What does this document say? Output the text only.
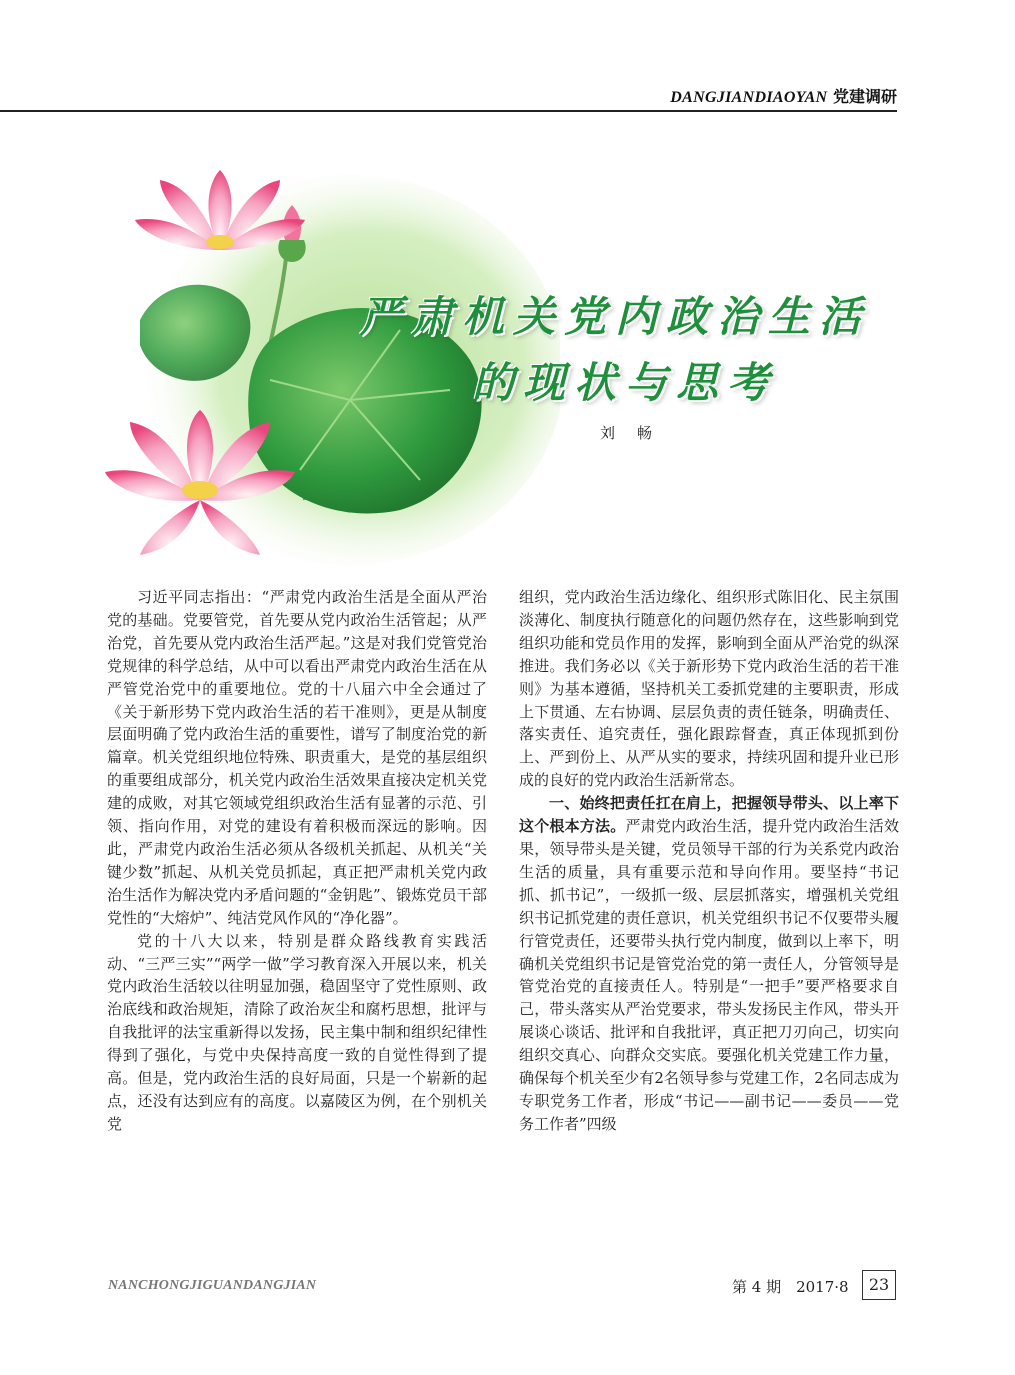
DANGJIANDIAOYAN 党建调研
严肃机关党内政治生活
的现状与思考
刘畅

习近平同志指出：“严肃党内政治生活是全面从严治党的基础。党要管党，首先要从党内政治生活管起；从严治党，首先要从党内政治生活严起。”这是对我们党管党治党规律的科学总结，从中可以看出严肃党内政治生活在从严管党治党中的重要地位。党的十八届六中全会通过了《关于新形势下党内政治生活的若干准则》，更是从制度层面明确了党内政治生活的重要性，谱写了制度治党的新篇章。机关党组织地位特殊、职责重大，是党的基层组织的重要组成部分，机关党内政治生活效果直接决定机关党建的成败，对其它领域党组织政治生活有显著的示范、引领、指向作用，对党的建设有着积极而深远的影响。因此，严肃党内政治生活必须从各级机关抓起、从机关“关键少数”抓起、从机关党员抓起，真正把严肃机关党内政治生活作为解决党内矛盾问题的“金钥匙”、锻炼党员干部党性的“大熔炉”、纯洁党风作风的“净化器”。

党的十八大以来，特别是群众路线教育实践活动、“三严三实”“两学一做”学习教育深入开展以来，机关党内政治生活较以往明显加强，稳固坚守了党性原则、政治底线和政治规矩，清除了政治灰尘和腐朽思想，批评与自我批评的法宝重新得以发扬，民主集中制和组织纪律性得到了强化，与党中央保持高度一致的自觉性得到了提高。但是，党内政治生活的良好局面，只是一个崭新的起点，还没有达到应有的高度。以嘉陵区为例，在个别机关党

组织，党内政治生活边缘化、组织形式陈旧化、民主氛围淡薄化、制度执行随意化的问题仍然存在，这些影响到党组织功能和党员作用的发挥，影响到全面从严治党的纵深推进。我们务必以《关于新形势下党内政治生活的若干准则》为基本遵循，坚持机关工委抓党建的主要职责，形成上下贯通、左右协调、层层负责的责任链条，明确责任、落实责任、追究责任，强化跟踪督查，真正体现抓到份上、严到份上、从严从实的要求，持续巩固和提升业已形成的良好的党内政治生活新常态。

一、始终把责任扛在肩上，把握领导带头、以上率下这个根本方法。严肃党内政治生活，提升党内政治生活效果，领导带头是关键，党员领导干部的行为关系党内政治生活的质量，具有重要示范和导向作用。要坚持“书记抓、抓书记”，一级抓一级、层层抓落实，增强机关党组织书记抓党建的责任意识，机关党组织书记不仅要带头履行管党责任，还要带头执行党内制度，做到以上率下，明确机关党组织书记是管党治党的第一责任人，分管领导是管党治党的直接责任人。特别是“一把手”要严格要求自己，带头落实从严治党要求，带头发扬民主作风，带头开展谈心谈话、批评和自我批评，真正把刀刃向己，切实向组织交真心、向群众交实底。要强化机关党建工作力量，确保每个机关至少有2名领导参与党建工作，2名同志成为专职党务工作者，形成“书记——副书记——委员——党务工作者”四级

NANCHONGJIGUANDANGJIAN	第 4 期　2017·8	23
